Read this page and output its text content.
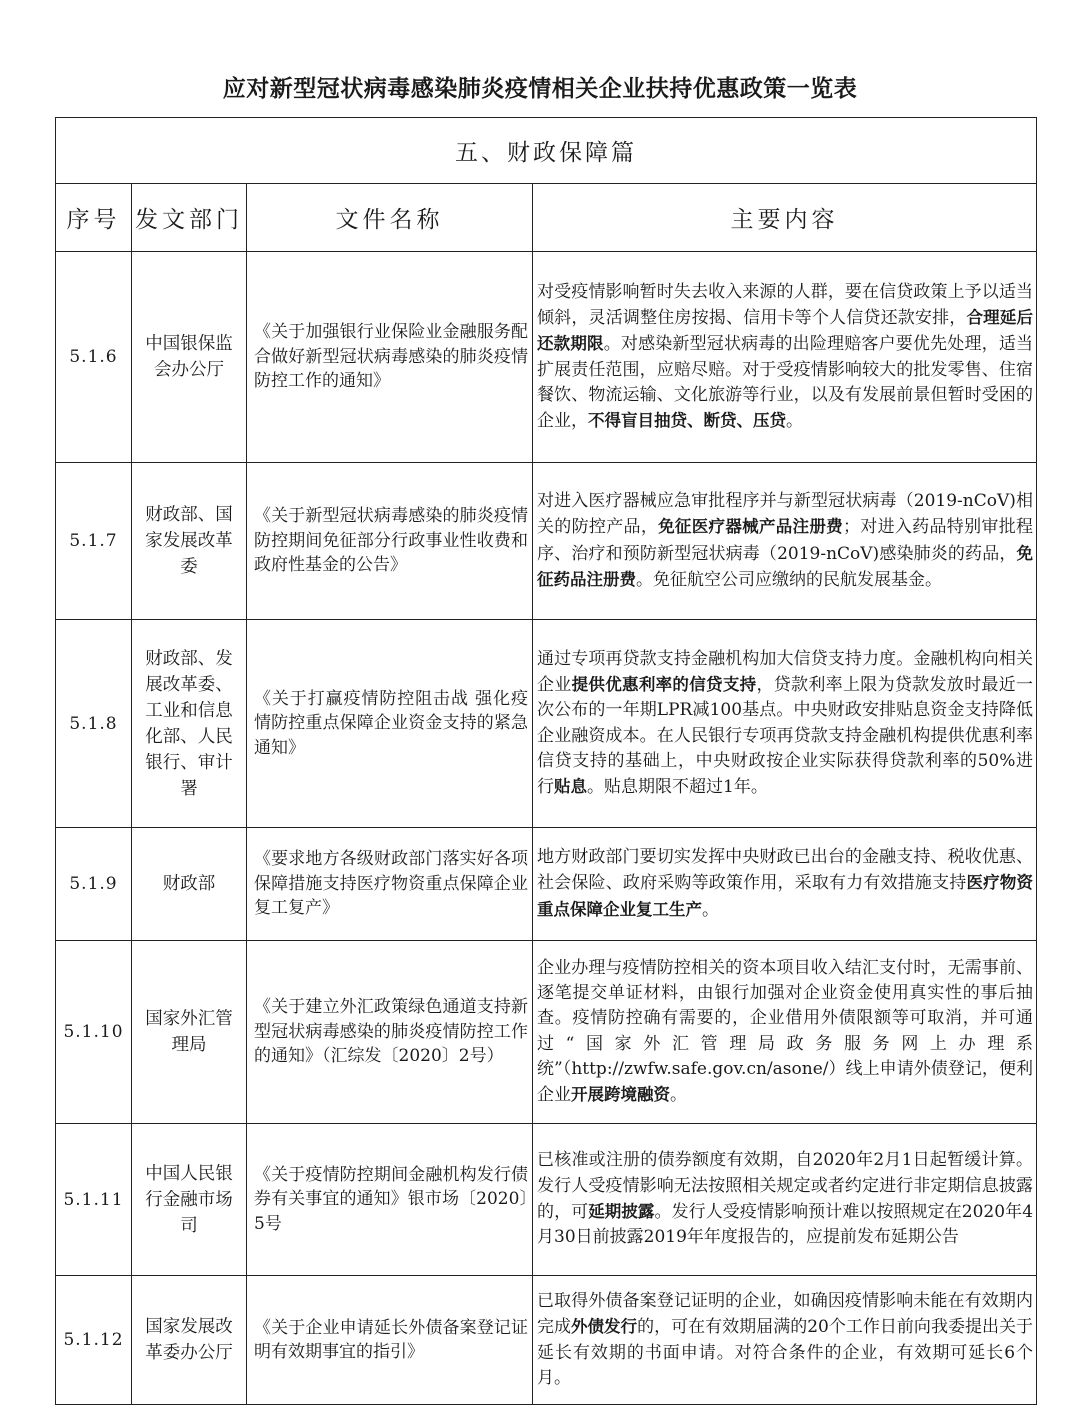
应对新型冠状病毒感染肺炎疫情相关企业扶持优惠政策一览表
五、财政保障篇			
序号	发文部门	文件名称	主要内容
5.1.6	中国银保监会办公厅	《关于加强银行业保险业金融服务配合做好新型冠状病毒感染的肺炎疫情防控工作的通知》	对受疫情影响暂时失去收入来源的人群，要在信贷政策上予以适当倾斜，灵活调整住房按揭、信用卡等个人信贷还款安排，合理延后还款期限。对感染新型冠状病毒的出险理赔客户要优先处理，适当扩展责任范围，应赔尽赔。对于受疫情影响较大的批发零售、住宿餐饮、物流运输、文化旅游等行业，以及有发展前景但暂时受困的企业，不得盲目抽贷、断贷、压贷。
5.1.7	财政部、国家发展改革委	《关于新型冠状病毒感染的肺炎疫情防控期间免征部分行政事业性收费和政府性基金的公告》	对进入医疗器械应急审批程序并与新型冠状病毒（2019-nCoV)相关的防控产品，免征医疗器械产品注册费；对进入药品特别审批程序、治疗和预防新型冠状病毒（2019-nCoV)感染肺炎的药品，免征药品注册费。免征航空公司应缴纳的民航发展基金。
5.1.8	财政部、发展改革委、工业和信息化部、人民银行、审计署	《关于打赢疫情防控阻击战 强化疫情防控重点保障企业资金支持的紧急通知》	通过专项再贷款支持金融机构加大信贷支持力度。金融机构向相关企业提供优惠利率的信贷支持，贷款利率上限为贷款发放时最近一次公布的一年期LPR减100基点。中央财政安排贴息资金支持降低企业融资成本。在人民银行专项再贷款支持金融机构提供优惠利率信贷支持的基础上，中央财政按企业实际获得贷款利率的50%进行贴息。贴息期限不超过1年。
5.1.9	财政部	《要求地方各级财政部门落实好各项保障措施支持医疗物资重点保障企业复工复产》	地方财政部门要切实发挥中央财政已出台的金融支持、税收优惠、社会保险、政府采购等政策作用，采取有力有效措施支持医疗物资重点保障企业复工生产。
5.1.10	国家外汇管理局	《关于建立外汇政策绿色通道支持新型冠状病毒感染的肺炎疫情防控工作的通知》（汇综发〔2020〕2号）	企业办理与疫情防控相关的资本项目收入结汇支付时，无需事前、逐笔提交单证材料，由银行加强对企业资金使用真实性的事后抽查。疫情防控确有需要的，企业借用外债限额等可取消，并可通过“国家外汇管理局政务服务网上办理系统”（http://zwfw.safe.gov.cn/asone/）线上申请外债登记，便利企业开展跨境融资。
5.1.11	中国人民银行金融市场司	《关于疫情防控期间金融机构发行债券有关事宜的通知》银市场〔2020〕5号	已核准或注册的债券额度有效期，自2020年2月1日起暂缓计算。发行人受疫情影响无法按照相关规定或者约定进行非定期信息披露的，可延期披露。发行人受疫情影响预计难以按照规定在2020年4月30日前披露2019年年度报告的，应提前发布延期公告
5.1.12	国家发展改革委办公厅	《关于企业申请延长外债备案登记证明有效期事宜的指引》	已取得外债备案登记证明的企业，如确因疫情影响未能在有效期内完成外债发行的，可在有效期届满的20个工作日前向我委提出关于延长有效期的书面申请。对符合条件的企业，有效期可延长6个月。
